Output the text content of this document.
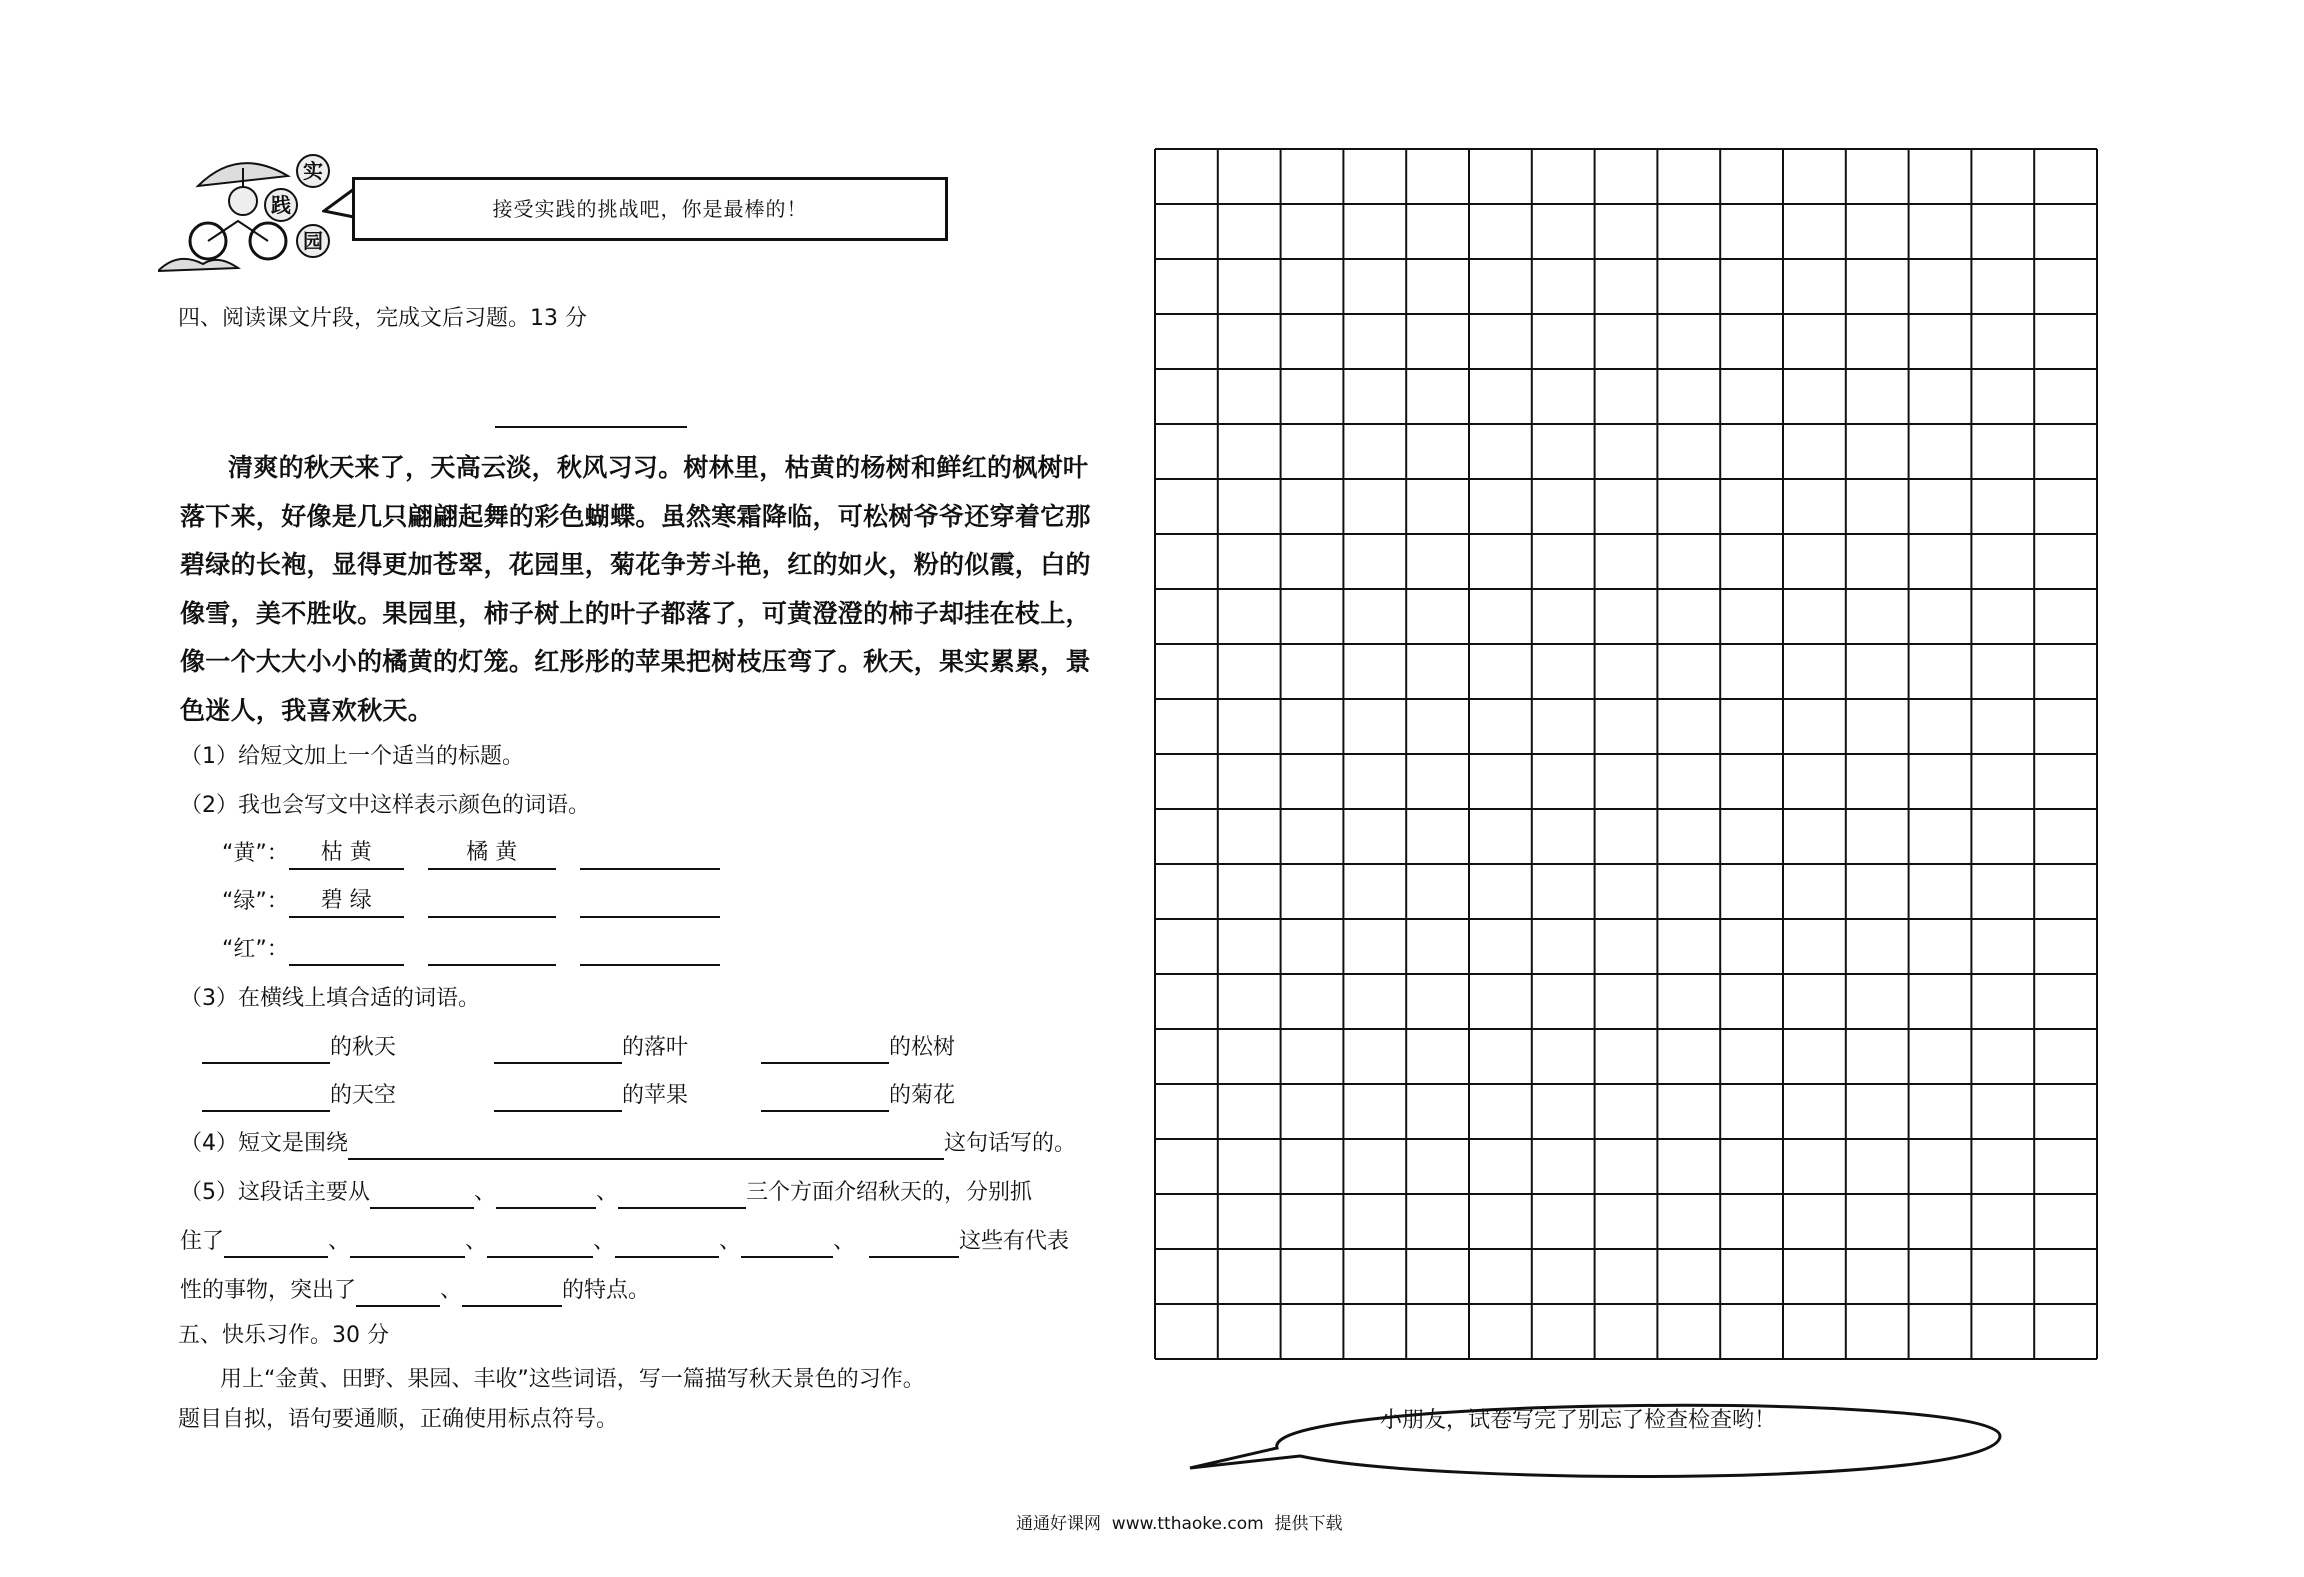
实
践
园
接受实践的挑战吧，你是最棒的！
四、阅读课文片段，完成文后习题。13 分
清爽的秋天来了，天高云淡，秋风习习。树林里，枯黄的杨树和鲜红的枫树叶
落下来，好像是几只翩翩起舞的彩色蝴蝶。虽然寒霜降临，可松树爷爷还穿着它那
碧绿的长袍，显得更加苍翠，花园里，菊花争芳斗艳，红的如火，粉的似霞，白的
像雪，美不胜收。果园里，柿子树上的叶子都落了，可黄澄澄的柿子却挂在枝上，
像一个大大小小的橘黄的灯笼。红彤彤的苹果把树枝压弯了。秋天，果实累累，景
色迷人，我喜欢秋天。
（1）给短文加上一个适当的标题。
（2）我也会写文中这样表示颜色的词语。
“黄”： 枯 黄	橘 黄
“绿”： 碧 绿
“红”：
（3）在横线上填合适的词语。
的秋天	的落叶	的松树
的天空	的苹果	的菊花
（4）短文是围绕	这句话写的。
（5）这段话主要从	、	、	三个方面介绍秋天的，分别抓
住了	、	、	、	、	、	这些有代表
性的事物，突出了	、	的特点。
五、快乐习作。30 分
用上“金黄、田野、果园、丰收”这些词语，写一篇描写秋天景色的习作。
题目自拟，语句要通顺，正确使用标点符号。	小朋友，试卷写完了别忘了检查检查哟！
通通好课网  www.tthaoke.com  提供下载
